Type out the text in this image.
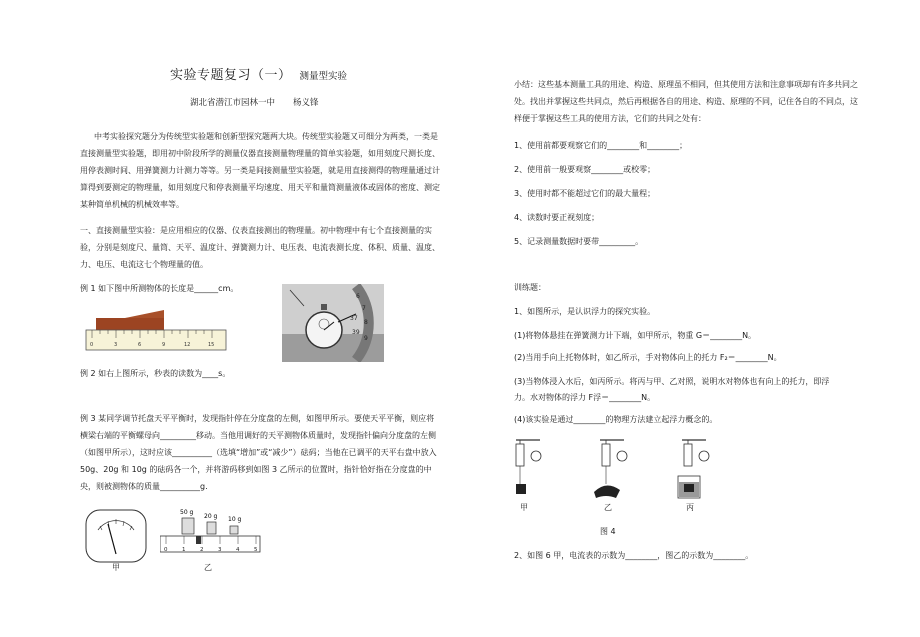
实验专题复习（一） 测量型实验
湖北省潜江市园林一中 杨义锋

中考实验探究题分为传统型实验题和创新型探究题两大块。传统型实验题又可细分为两类，一类是直接测量型实验题，即用初中阶段所学的测量仪器直接测量物理量的简单实验题，如用刻度尺测长度、用停表测时间、用弹簧测力计测力等等。另一类是间接测量型实验题，就是用直接测得的物理量通过计算得到要测定的物理量，如用刻度尺和停表测量平均速度、用天平和量筒测量液体或固体的密度、测定某种简单机械的机械效率等。

一、直接测量型实验：是应用相应的仪器、仪表直接测出的物理量。初中物理中有七个直接测量的实验，分别是刻度尺、量筒、天平、温度计、弹簧测力计、电压表、电流表测长度、体积、质量、温度、力、电压、电流这七个物理量的值。

例 1 如下图中所测物体的长度是______cm。

0	3	6	9	12	15
6
7
37
8
39
9

例 2 如右上图所示，秒表的读数为____s。

例 3 某同学调节托盘天平平衡时，发现指针停在分度盘的左侧，如图甲所示。要使天平平衡，则应将横梁右端的平衡螺母向_________移动。当他用调好的天平测物体质量时，发现指针偏向分度盘的左侧（如图甲所示），这时应该__________（选填“增加”或“减少”）砝码；当他在已调平的天平右盘中放入 50g、20g 和 10g 的砝码各一个，并将游码移到如图 3 乙所示的位置时，指针恰好指在分度盘的中央，则被测物体的质量__________g.

甲
50 g
20 g 10 g
0	1	2	3	4	5
乙

小结：这些基本测量工具的用途、构造、原理虽不相同，但其使用方法和注意事项却有许多共同之处。找出并掌握这些共同点，然后再根据各自的用途、构造、原理的不同，记住各自的不同点，这样便于掌握这些工具的使用方法，它们的共同之处有：

1、使用前都要观察它们的________和________；

2、使用前一般要观察________或校零；

3、使用时都不能超过它们的最大量程；

4、读数时要正视刻度；

5、记录测量数据时要带_________。

训练题：

1、如图所示，是认识浮力的探究实验。

(1)将物体悬挂在弹簧测力计下端，如甲所示，物重 G＝________N。

(2)当用手向上托物体时，如乙所示，手对物体向上的托力 F₂＝________N。

(3)当物体浸入水后，如丙所示。将丙与甲、乙对照，说明水对物体也有向上的托力，即浮

力。水对物体的浮力 F浮＝________N。

(4)该实验是通过________的物理方法建立起浮力概念的。

甲	乙	丙
图 4

2、如图 6 甲，电流表的示数为________，图乙的示数为________。
